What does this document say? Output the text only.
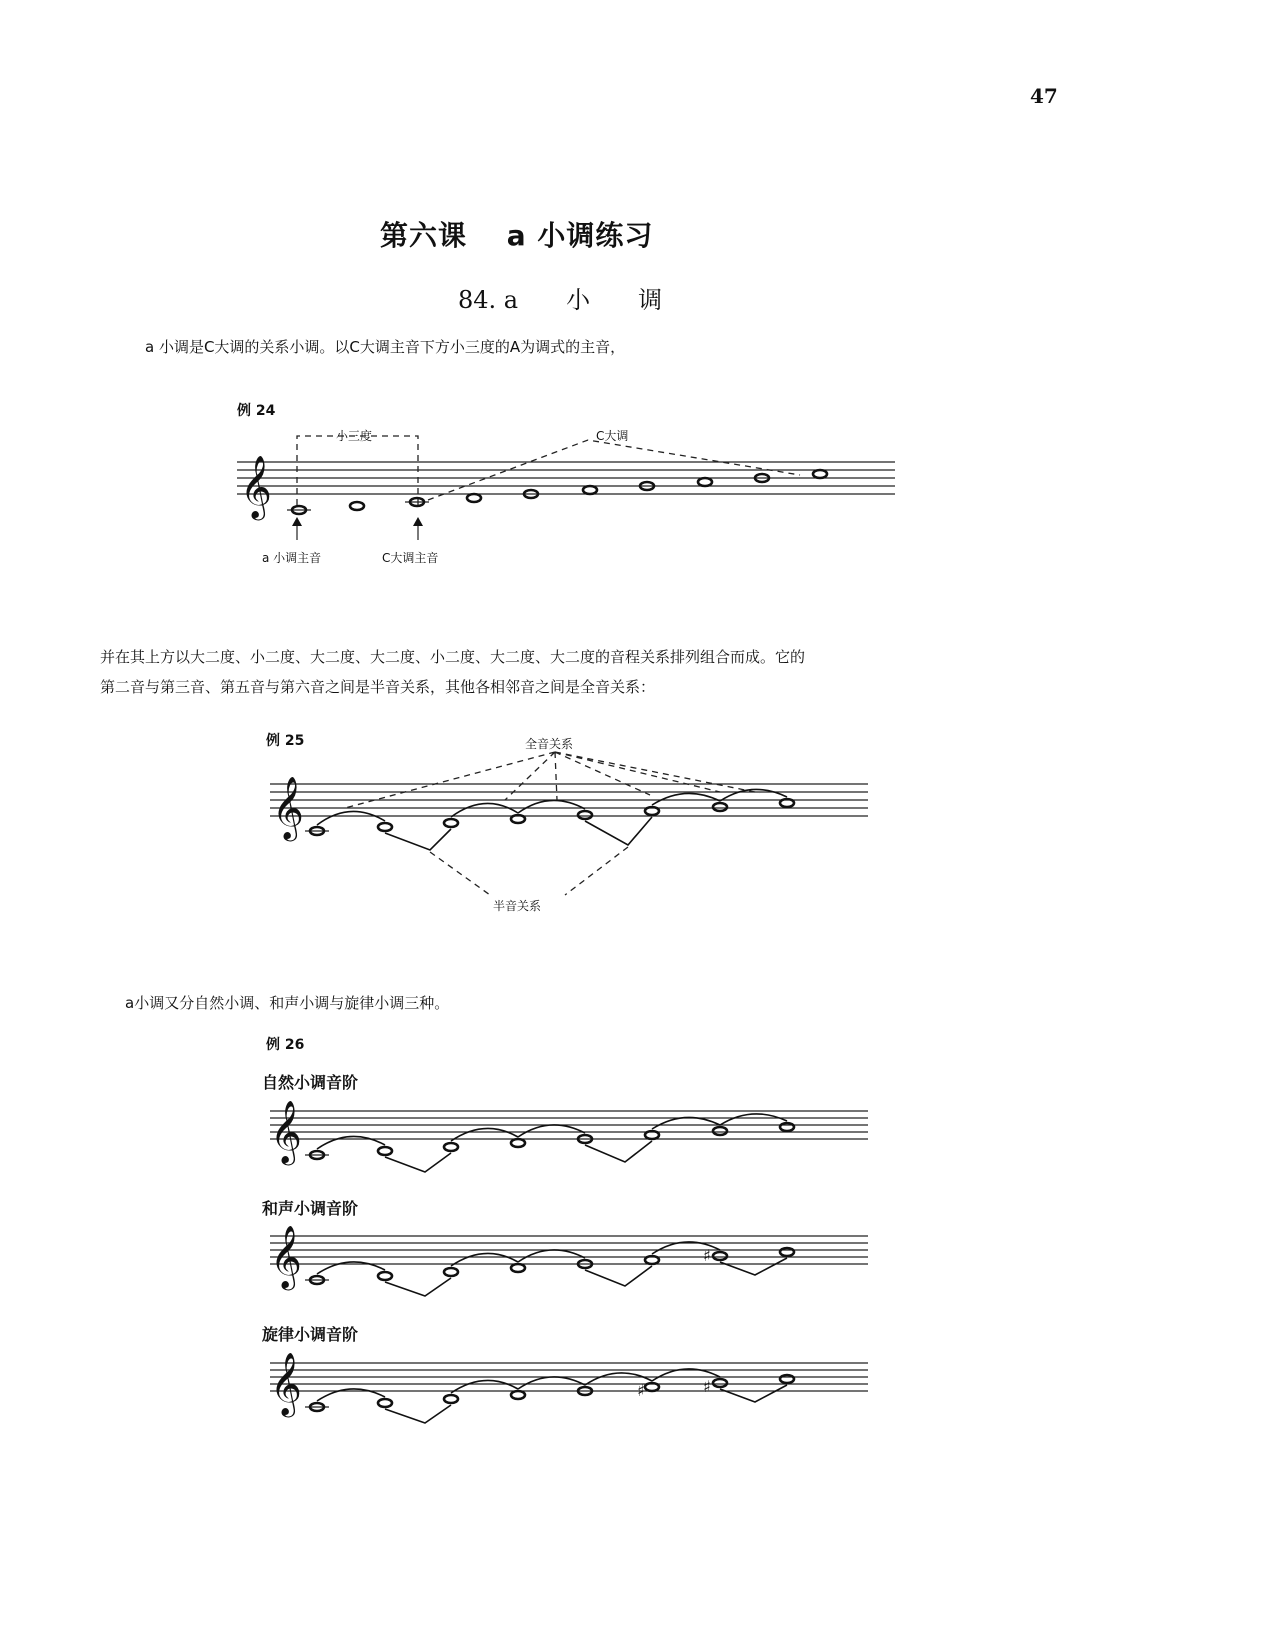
47
第六课　 a 小调练习
84. a　　小　　调

a 小调是C大调的关系小调。以C大调主音下方小三度的A为调式的主音，

例 24
𝄞
小三度	C大调
a 小调主音	C大调主音
𝄞
全音关系
半音关系
𝄞
𝄞	♯
𝄞	♯	♯

并在其上方以大二度、小二度、大二度、大二度、小二度、大二度、大二度的音程关系排列组合而成。它的

第二音与第三音、第五音与第六音之间是半音关系，其他各相邻音之间是全音关系：

例 25

a小调又分自然小调、和声小调与旋律小调三种。

例 26
自然小调音阶
和声小调音阶
旋律小调音阶
